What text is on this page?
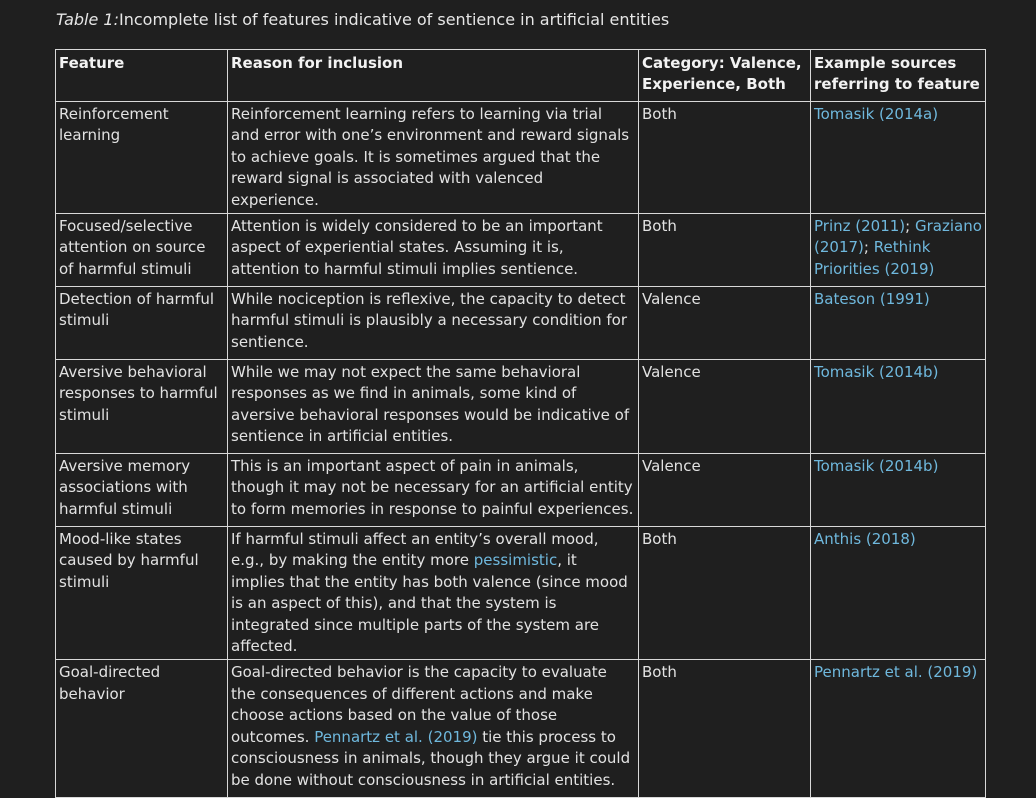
Table 1:Incomplete list of features indicative of sentience in artificial entities
Feature	Reason for inclusion	Category: Valence, Experience, Both	Example sources referring to feature
Reinforcement learning	Reinforcement learning refers to learning via trial and error with one’s environment and reward signals to achieve goals. It is sometimes argued that the reward signal is associated with valenced experience.	Both	Tomasik (2014a)
Focused/selective attention on source of harmful stimuli	Attention is widely considered to be an important aspect of experiential states. Assuming it is, attention to harmful stimuli implies sentience.	Both	Prinz (2011); Graziano (2017); Rethink Priorities (2019)
Detection of harmful stimuli	While nociception is reflexive, the capacity to detect harmful stimuli is plausibly a necessary condition for sentience.	Valence	Bateson (1991)
Aversive behavioral responses to harmful stimuli	While we may not expect the same behavioral responses as we find in animals, some kind of aversive behavioral responses would be indicative of sentience in artificial entities.	Valence	Tomasik (2014b)
Aversive memory associations with harmful stimuli	This is an important aspect of pain in animals, though it may not be necessary for an artificial entity to form memories in response to painful experiences.	Valence	Tomasik (2014b)
Mood-like states caused by harmful stimuli	If harmful stimuli affect an entity’s overall mood, e.g., by making the entity more pessimistic, it implies that the entity has both valence (since mood is an aspect of this), and that the system is integrated since multiple parts of the system are affected.	Both	Anthis (2018)
Goal-directed behavior	Goal-directed behavior is the capacity to evaluate the consequences of different actions and make choose actions based on the value of those outcomes. Pennartz et al. (2019) tie this process to consciousness in animals, though they argue it could be done without consciousness in artificial entities.	Both	Pennartz et al. (2019)
